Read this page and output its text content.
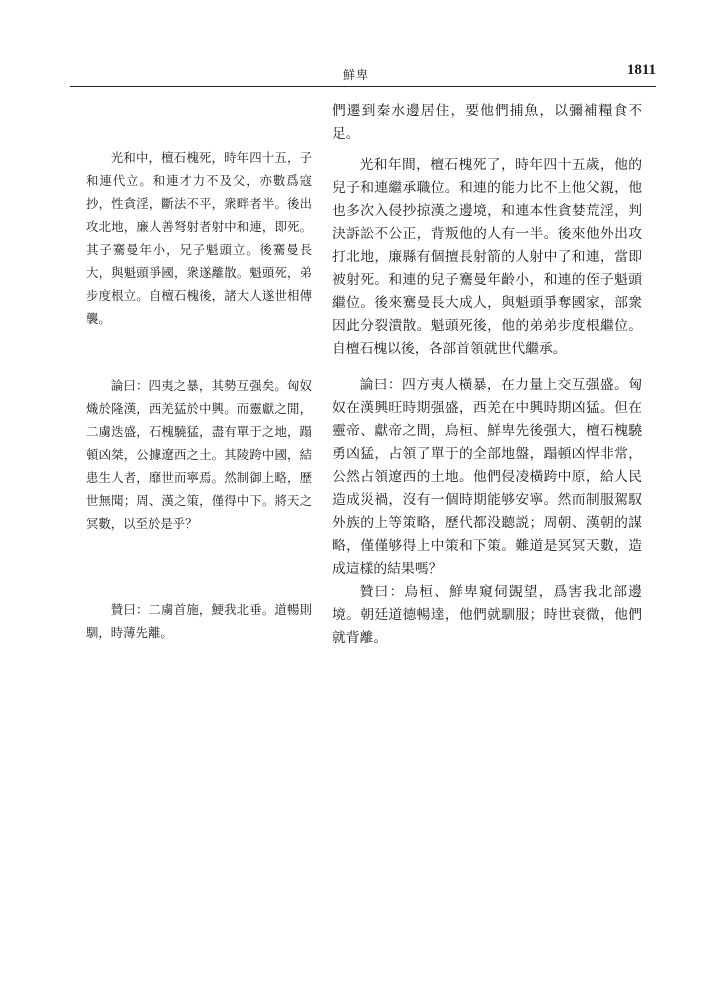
鮮卑	1811

光和中，檀石槐死，時年四十五，子和連代立。和連才力不及父，亦數爲寇抄，性貪淫，斷法不平，衆畔者半。後出攻北地，廉人善弩射者射中和連，即死。其子騫曼年小，兄子魁頭立。後騫曼長大，與魁頭爭國，衆遂離散。魁頭死，弟步度根立。自檀石槐後，諸大人遂世相傳襲。

論曰：四夷之暴，其勢互强矣。匈奴熾於隆漢，西羌猛於中興。而靈獻之閒，二虜迭盛，石槐驍猛，盡有單于之地，蹋頓凶桀，公據遼西之土。其陵跨中國，結患生人者，靡世而寧焉。然制御上略，歷世無聞；周、漢之策，僅得中下。將天之冥數，以至於是乎？

贊曰：二虜首施，鯁我北垂。道暢則馴，時薄先離。

們遷到秦水邊居住，要他們捕魚，以彌補糧食不足。

光和年間，檀石槐死了，時年四十五歲，他的兒子和連繼承職位。和連的能力比不上他父親，他也多次入侵抄掠漢之邊境，和連本性貪婪荒淫，判決訴訟不公正，背叛他的人有一半。後來他外出攻打北地，廉縣有個擅長射箭的人射中了和連，當即被射死。和連的兒子騫曼年齡小，和連的侄子魁頭繼位。後來騫曼長大成人，與魁頭爭奪國家，部衆因此分裂潰散。魁頭死後，他的弟弟步度根繼位。自檀石槐以後，各部首領就世代繼承。

論曰：四方夷人橫暴，在力量上交互强盛。匈奴在漢興旺時期强盛，西羌在中興時期凶猛。但在靈帝、獻帝之間，烏桓、鮮卑先後强大，檀石槐驍勇凶猛，占領了單于的全部地盤，蹋頓凶悍非常，公然占領遼西的土地。他們侵凌橫跨中原，給人民造成災禍，沒有一個時期能够安寧。然而制服駕馭外族的上等策略，歷代都没聽説；周朝、漢朝的謀略，僅僅够得上中策和下策。難道是冥冥天數，造成這樣的結果嗎？

贊曰：烏桓、鮮卑窺伺覬望，爲害我北部邊境。朝廷道德暢達，他們就馴服；時世衰微，他們就背離。
